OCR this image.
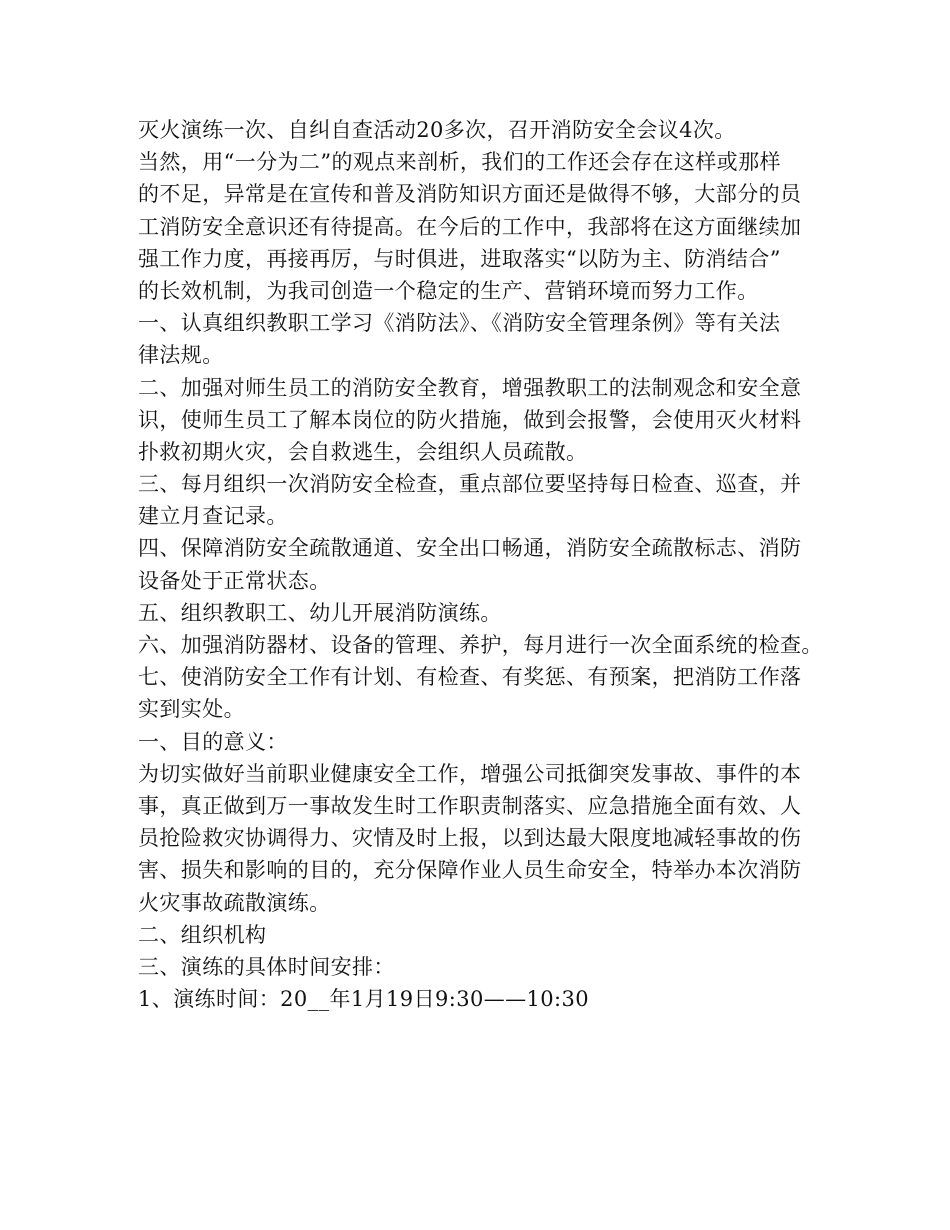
灭火演练一次、自纠自查活动20多次，召开消防安全会议4次。
当然，用“一分为二”的观点来剖析，我们的工作还会存在这样或那样
的不足，异常是在宣传和普及消防知识方面还是做得不够，大部分的员
工消防安全意识还有待提高。在今后的工作中，我部将在这方面继续加
强工作力度，再接再厉，与时俱进，进取落实“以防为主、防消结合”
的长效机制，为我司创造一个稳定的生产、营销环境而努力工作。
一、认真组织教职工学习《消防法》、《消防安全管理条例》等有关法
律法规。
二、加强对师生员工的消防安全教育，增强教职工的法制观念和安全意
识，使师生员工了解本岗位的防火措施，做到会报警，会使用灭火材料
扑救初期火灾，会自救逃生，会组织人员疏散。
三、每月组织一次消防安全检查，重点部位要坚持每日检查、巡查，并
建立月查记录。
四、保障消防安全疏散通道、安全出口畅通，消防安全疏散标志、消防
设备处于正常状态。
五、组织教职工、幼儿开展消防演练。
六、加强消防器材、设备的管理、养护，每月进行一次全面系统的检查。
七、使消防安全工作有计划、有检查、有奖惩、有预案，把消防工作落
实到实处。
一、目的意义：
为切实做好当前职业健康安全工作，增强公司抵御突发事故、事件的本
事，真正做到万一事故发生时工作职责制落实、应急措施全面有效、人
员抢险救灾协调得力、灾情及时上报，以到达最大限度地减轻事故的伤
害、损失和影响的目的，充分保障作业人员生命安全，特举办本次消防
火灾事故疏散演练。
二、组织机构
三、演练的具体时间安排：
1、演练时间：20__年1月19日9:30——10:30
